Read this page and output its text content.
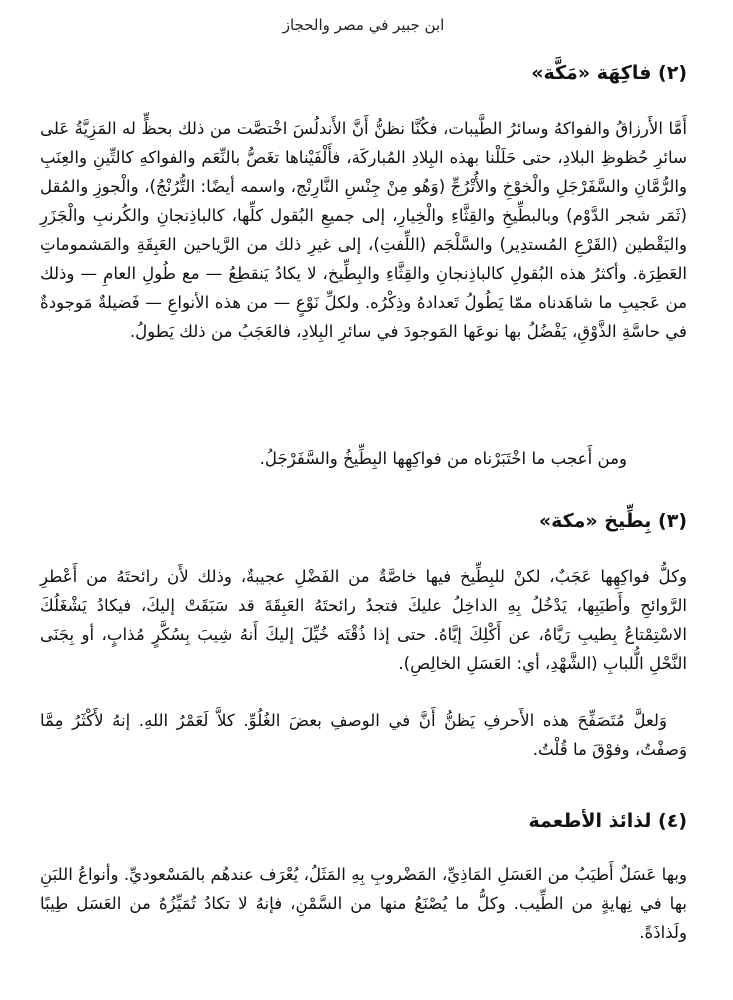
ابن جبير في مصر والحجاز
(٢) فاكِهَة «مَكَّة»

أَمَّا الأَرزاقُ والفواكهُ وسائرُ الطَّيبات، فكُنَّا نظنُّ أَنَّ الأَندلُسَ اخْتصَّت من ذلك بحظٍّ له المَزِيَّةُ عَلى سائرِ حُظوظِ البلادِ، حتى حَلَلْنا بهذه البِلادِ المُباركَة، فأَلْفَيْناها تغَصُّ بالنِّعَم والفواكهِ كالتِّينِ والعِنَبِ والرُّمَّانِ والسَّفَرْجَلِ والْخوْخِ والأُتْرُجِّ (وَهُو مِنْ جِنْسِ النَّارِنْج، واسمه أيضًا: التُّرُنْجُ)، والْجوزِ والمُقل (ثَمَر شجر الدَّوْم) وبالبطِّيخِ والقِثَّاءِ والْخِيارِ، إلى جميعِ البُقول كلِّها، كالباذِنجانِ والكُرنبِ والْجَزَرِ واليَقْطين (القَرْعِ المُستدِير) والسَّلْجَم (اللِّفتِ)، إلى غيرِ ذلك من الرَّياحين العَبِقَةِ والمَشموماتِ العَطِرَة. وأكثرُ هذه البُقولِ كالباذِنجانِ والقِثَّاءِ والبِطِّيخ، لا يكادُ يَنقطِعُ — مع طُولِ العامِ — وذلك من عَجيبِ ما شاهَدناه ممّا يَطُولُ تَعدادهُ وذِكْرُه. ولكلِّ نَوْعٍ — من هذه الأنواعِ — فَضيلةٌ مَوجودةٌ في حاسَّةِ الذَّوْقِ، يَفْضُلُ بها نوعَها المَوجودَ في سائرِ البِلادِ، فالعَجَبُ من ذلك يَطولُ.

ومن أَعجب ما اخْتَبَرْناه من فواكِهِها البِطِّيخُ والسَّفَرْجَلُ.

(٣) بِطِّيخ «مكة»

وكلُّ فواكِهِها عَجَبٌ، لكنْ للبِطِّيخ فيها خاصَّةٌ من الفَضْلِ عجيبةٌ، وذلك لأَن رائحتَهُ من أَعْطرِ الرَّوائحِ وأَطيَبِها، يَدْخُلُ بِهِ الداخِلُ عليكَ فتجدُ رائحتَهُ العَبِقَةَ قد سَبَقَتْ إليكَ، فيكادُ يَشْغَلُكَ الاسْتِمْتاعُ بِطيبِ رَيَّاهُ، عن أَكْلِكَ إيَّاهُ. حتى إذا ذُقْتَه خُيِّلَ إليكَ أَنهُ شِيبَ بِسُكَّرٍ مُذابٍ، أو بِجَنَى النَّحْلِ الُّلبابِ (الشَّهْدِ، أي: العَسَلِ الخالِصِ).

وَلعلَّ مُتَصَفِّحَ هذه الأَحرفِ يَظنُّ أَنَّ في الوصفِ بعضَ الغُلُوِّ. كلاَّ لَعَمْرُ اللهِ. إنهُ لأَكْثَرُ مِمَّا وَصفْتُ، وفوْقَ ما قُلْتُ.

(٤) لذائذ الأطعمة

وبها عَسَلٌ أَطيَبُ من العَسَلِ المَاذِيِّ، المَضْروبِ بِهِ المَثَلُ، يُعْرَف عندهُم بالمَسْعوديِّ. وأنواعُ اللبَنِ بها في نِهايةٍ من الطِّيب. وكلُّ ما يُصْنَعُ منها من السَّمْنِ، فإنهُ لا تكادُ تُمَيِّزُهُ من العَسَل طِيبًا ولَذاذَةً.
